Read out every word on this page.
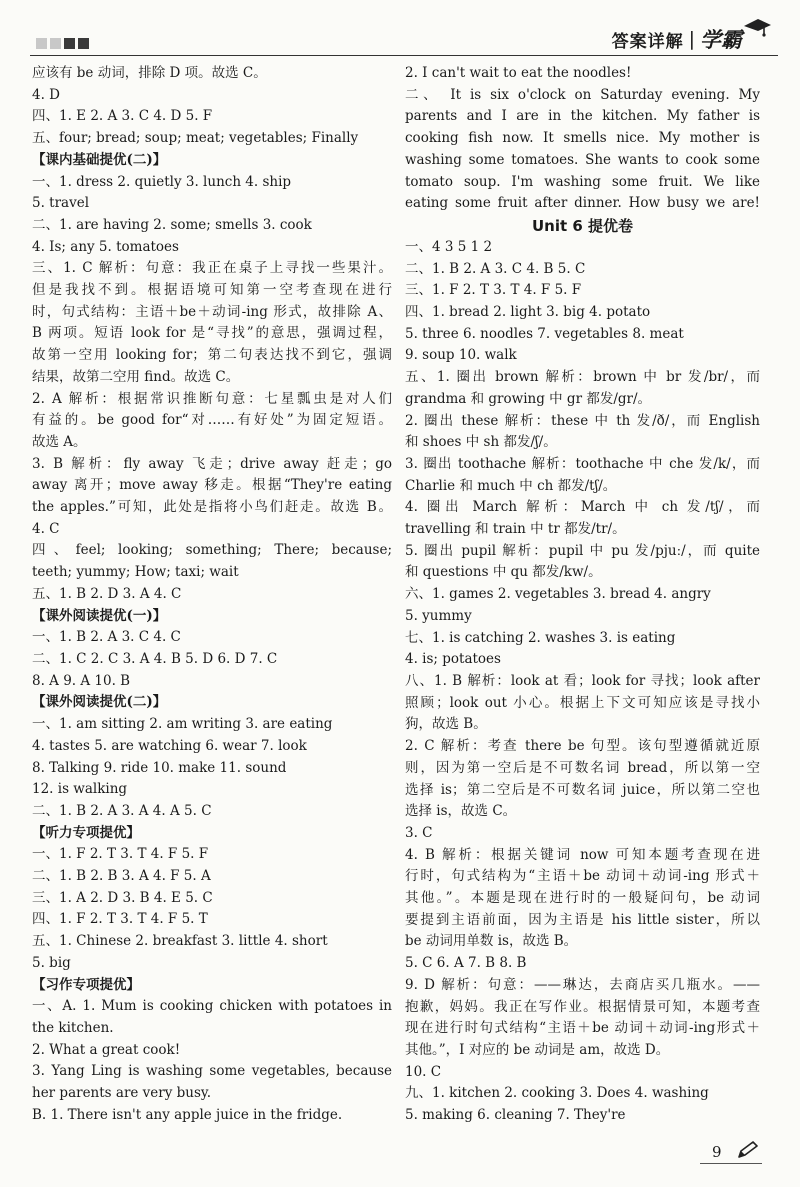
答案详解 | 学霸
应该有 be 动词，排除 D 项。故选 C。
4. D
四、1. E 2. A 3. C 4. D 5. F
五、four; bread; soup; meat; vegetables; Finally
【课内基础提优(二)】
一、1. dress 2. quietly 3. lunch 4. ship
5. travel
二、1. are having 2. some; smells 3. cook
4. Is; any 5. tomatoes
三、1. C 解析：句意：我正在桌子上寻找一些果汁。
但是我找不到。根据语境可知第一空考查现在进行
时，句式结构：主语＋be＋动词-ing 形式，故排除 A、
B 两项。短语 look for 是“寻找”的意思，强调过程，
故第一空用 looking for；第二句表达找不到它，强调
结果，故第二空用 find。故选 C。
2. A 解析：根据常识推断句意：七星瓢虫是对人们
有益的。be good for“对……有好处”为固定短语。
故选 A。
3. B 解析：fly away 飞走；drive away 赶走；go
away 离开；move away 移走。根据“They're eating
the apples.”可知，此处是指将小鸟们赶走。故选 B。
4. C
四、feel; looking; something; There; because;
teeth; yummy; How; taxi; wait
五、1. B 2. D 3. A 4. C
【课外阅读提优(一)】
一、1. B 2. A 3. C 4. C
二、1. C 2. C 3. A 4. B 5. D 6. D 7. C
8. A 9. A 10. B
【课外阅读提优(二)】
一、1. am sitting 2. am writing 3. are eating
4. tastes 5. are watching 6. wear 7. look
8. Talking 9. ride 10. make 11. sound
12. is walking
二、1. B 2. A 3. A 4. A 5. C
【听力专项提优】
一、1. F 2. T 3. T 4. F 5. F
二、1. B 2. B 3. A 4. F 5. A
三、1. A 2. D 3. B 4. E 5. C
四、1. F 2. T 3. T 4. F 5. T
五、1. Chinese 2. breakfast 3. little 4. short
5. big
【习作专项提优】
一、A. 1. Mum is cooking chicken with potatoes in
the kitchen.
2. What a great cook!
3. Yang Ling is washing some vegetables, because
her parents are very busy.
B. 1. There isn't any apple juice in the fridge.
2. I can't wait to eat the noodles!
二、 It is six o'clock on Saturday evening. My
parents and I are in the kitchen. My father is
cooking fish now. It smells nice. My mother is
washing some tomatoes. She wants to cook some
tomato soup. I'm washing some fruit. We like
eating some fruit after dinner. How busy we are!
Unit 6 提优卷
一、4 3 5 1 2
二、1. B 2. A 3. C 4. B 5. C
三、1. F 2. T 3. T 4. F 5. F
四、1. bread 2. light 3. big 4. potato
5. three 6. noodles 7. vegetables 8. meat
9. soup 10. walk
五、1. 圈出 brown 解析：brown 中 br 发/br/，而
grandma 和 growing 中 gr 都发/gr/。
2. 圈出 these 解析：these 中 th 发/ð/，而 English
和 shoes 中 sh 都发/ʃ/。
3. 圈出 toothache 解析：toothache 中 che 发/k/，而
Charlie 和 much 中 ch 都发/tʃ/。
4. 圈出 March 解析：March 中 ch 发/tʃ/，而
travelling 和 train 中 tr 都发/tr/。
5. 圈出 pupil 解析：pupil 中 pu 发/pjuː/，而 quite
和 questions 中 qu 都发/kw/。
六、1. games 2. vegetables 3. bread 4. angry
5. yummy
七、1. is catching 2. washes 3. is eating
4. is; potatoes
八、1. B 解析：look at 看；look for 寻找；look after
照顾；look out 小心。根据上下文可知应该是寻找小
狗，故选 B。
2. C 解析：考查 there be 句型。该句型遵循就近原
则，因为第一空后是不可数名词 bread，所以第一空
选择 is；第二空后是不可数名词 juice，所以第二空也
选择 is，故选 C。
3. C
4. B 解析：根据关键词 now 可知本题考查现在进
行时，句式结构为“主语＋be 动词＋动词-ing 形式＋
其他。”。本题是现在进行时的一般疑问句，be 动词
要提到主语前面，因为主语是 his little sister，所以
be 动词用单数 is，故选 B。
5. C 6. A 7. B 8. B
9. D 解析：句意：——琳达，去商店买几瓶水。——
抱歉，妈妈。我正在写作业。根据情景可知，本题考查
现在进行时句式结构“主语＋be 动词＋动词-ing形式＋
其他。”，I 对应的 be 动词是 am，故选 D。
10. C
九、1. kitchen 2. cooking 3. Does 4. washing
5. making 6. cleaning 7. They're
9
